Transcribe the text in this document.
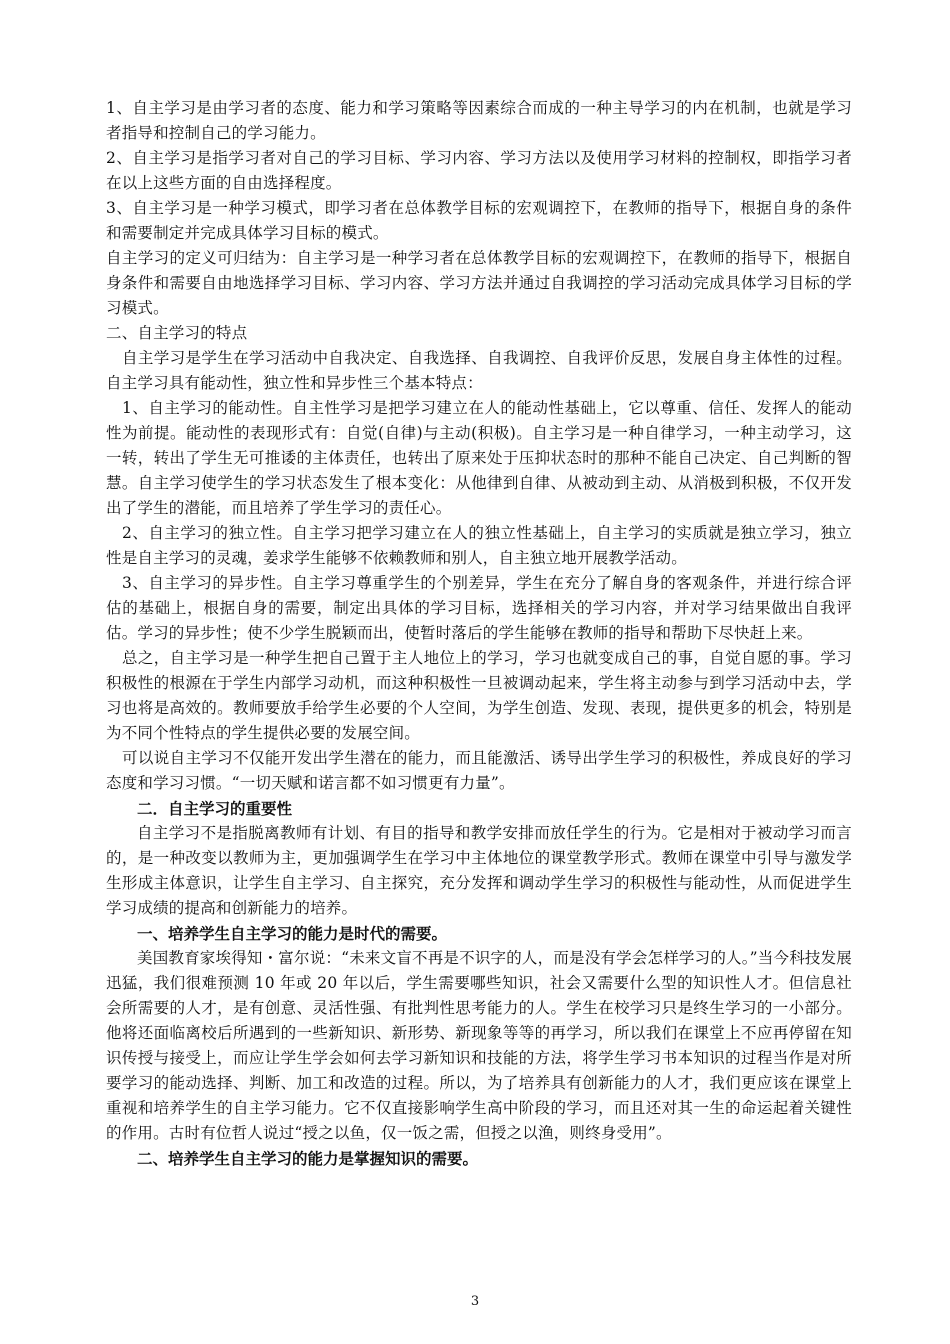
1、自主学习是由学习者的态度、能力和学习策略等因素综合而成的一种主导学习的内在机制，也就是学习者指导和控制自己的学习能力。

2、自主学习是指学习者对自己的学习目标、学习内容、学习方法以及使用学习材料的控制权，即指学习者在以上这些方面的自由选择程度。

3、自主学习是一种学习模式，即学习者在总体教学目标的宏观调控下，在教师的指导下，根据自身的条件和需要制定并完成具体学习目标的模式。

自主学习的定义可归结为：自主学习是一种学习者在总体教学目标的宏观调控下，在教师的指导下，根据自身条件和需要自由地选择学习目标、学习内容、学习方法并通过自我调控的学习活动完成具体学习目标的学习模式。

二、自主学习的特点

自主学习是学生在学习活动中自我决定、自我选择、自我调控、自我评价反思，发展自身主体性的过程。自主学习具有能动性，独立性和异步性三个基本特点：

1、自主学习的能动性。自主性学习是把学习建立在人的能动性基础上，它以尊重、信任、发挥人的能动性为前提。能动性的表现形式有：自觉(自律)与主动(积极)。自主学习是一种自律学习，一种主动学习，这一转，转出了学生无可推诿的主体责任，也转出了原来处于压抑状态时的那种不能自己决定、自己判断的智慧。自主学习使学生的学习状态发生了根本变化：从他律到自律、从被动到主动、从消极到积极，不仅开发出了学生的潜能，而且培养了学生学习的责任心。

2、自主学习的独立性。自主学习把学习建立在人的独立性基础上，自主学习的实质就是独立学习，独立性是自主学习的灵魂，姜求学生能够不依赖教师和别人，自主独立地开展教学活动。

3、自主学习的异步性。自主学习尊重学生的个别差异，学生在充分了解自身的客观条件，并进行综合评估的基础上，根据自身的需要，制定出具体的学习目标，选择相关的学习内容，并对学习结果做出自我评估。学习的异步性；使不少学生脱颖而出，使暂时落后的学生能够在教师的指导和帮助下尽快赶上来。

总之，自主学习是一种学生把自己置于主人地位上的学习，学习也就变成自己的事，自觉自愿的事。学习积极性的根源在于学生内部学习动机，而这种积极性一旦被调动起来，学生将主动参与到学习活动中去，学习也将是高效的。教师要放手给学生必要的个人空间，为学生创造、发现、表现，提供更多的机会，特别是为不同个性特点的学生提供必要的发展空间。

可以说自主学习不仅能开发出学生潜在的能力，而且能激活、诱导出学生学习的积极性，养成良好的学习态度和学习习惯。“一切天赋和诺言都不如习惯更有力量”。

二．自主学习的重要性

自主学习不是指脱离教师有计划、有目的指导和教学安排而放任学生的行为。它是相对于被动学习而言的，是一种改变以教师为主，更加强调学生在学习中主体地位的课堂教学形式。教师在课堂中引导与激发学生形成主体意识，让学生自主学习、自主探究，充分发挥和调动学生学习的积极性与能动性，从而促进学生学习成绩的提高和创新能力的培养。

一、培养学生自主学习的能力是时代的需要。

美国教育家埃得知・富尔说：“未来文盲不再是不识字的人，而是没有学会怎样学习的人。”当今科技发展迅猛，我们很难预测 10 年或 20 年以后，学生需要哪些知识，社会又需要什么型的知识性人才。但信息社会所需要的人才，是有创意、灵活性强、有批判性思考能力的人。学生在校学习只是终生学习的一小部分。他将还面临离校后所遇到的一些新知识、新形势、新现象等等的再学习，所以我们在课堂上不应再停留在知识传授与接受上，而应让学生学会如何去学习新知识和技能的方法，将学生学习书本知识的过程当作是对所要学习的能动选择、判断、加工和改造的过程。所以，为了培养具有创新能力的人才，我们更应该在课堂上重视和培养学生的自主学习能力。它不仅直接影响学生高中阶段的学习，而且还对其一生的命运起着关键性的作用。古时有位哲人说过“授之以鱼，仅一饭之需，但授之以渔，则终身受用”。

二、培养学生自主学习的能力是掌握知识的需要。

3
